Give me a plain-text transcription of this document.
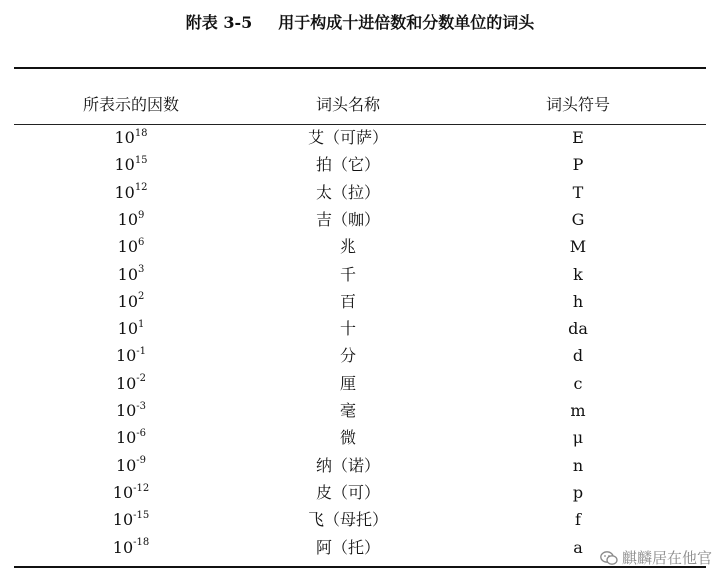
附表 3-5 用于构成十进倍数和分数单位的词头
所表示的因数	词头名称	词头符号
$10^{18}$	艾（可萨）	E
$10^{15}$	拍（它）	P
$10^{12}$	太（拉）	T
$10^9$	吉（咖）	G
$10^6$	兆	M
$10^3$	千	k
$10^2$	百	h
$10^1$	十	da
$10^{-1}$	分	d
$10^{-2}$	厘	c
$10^{-3}$	毫	m
$10^{-6}$	微	μ
$10^{-9}$	纳（诺）	n
$10^{-12}$	皮（可）	p
$10^{-15}$	飞（母托）	f
$10^{-18}$	阿（托）	a
麒麟居在他官
